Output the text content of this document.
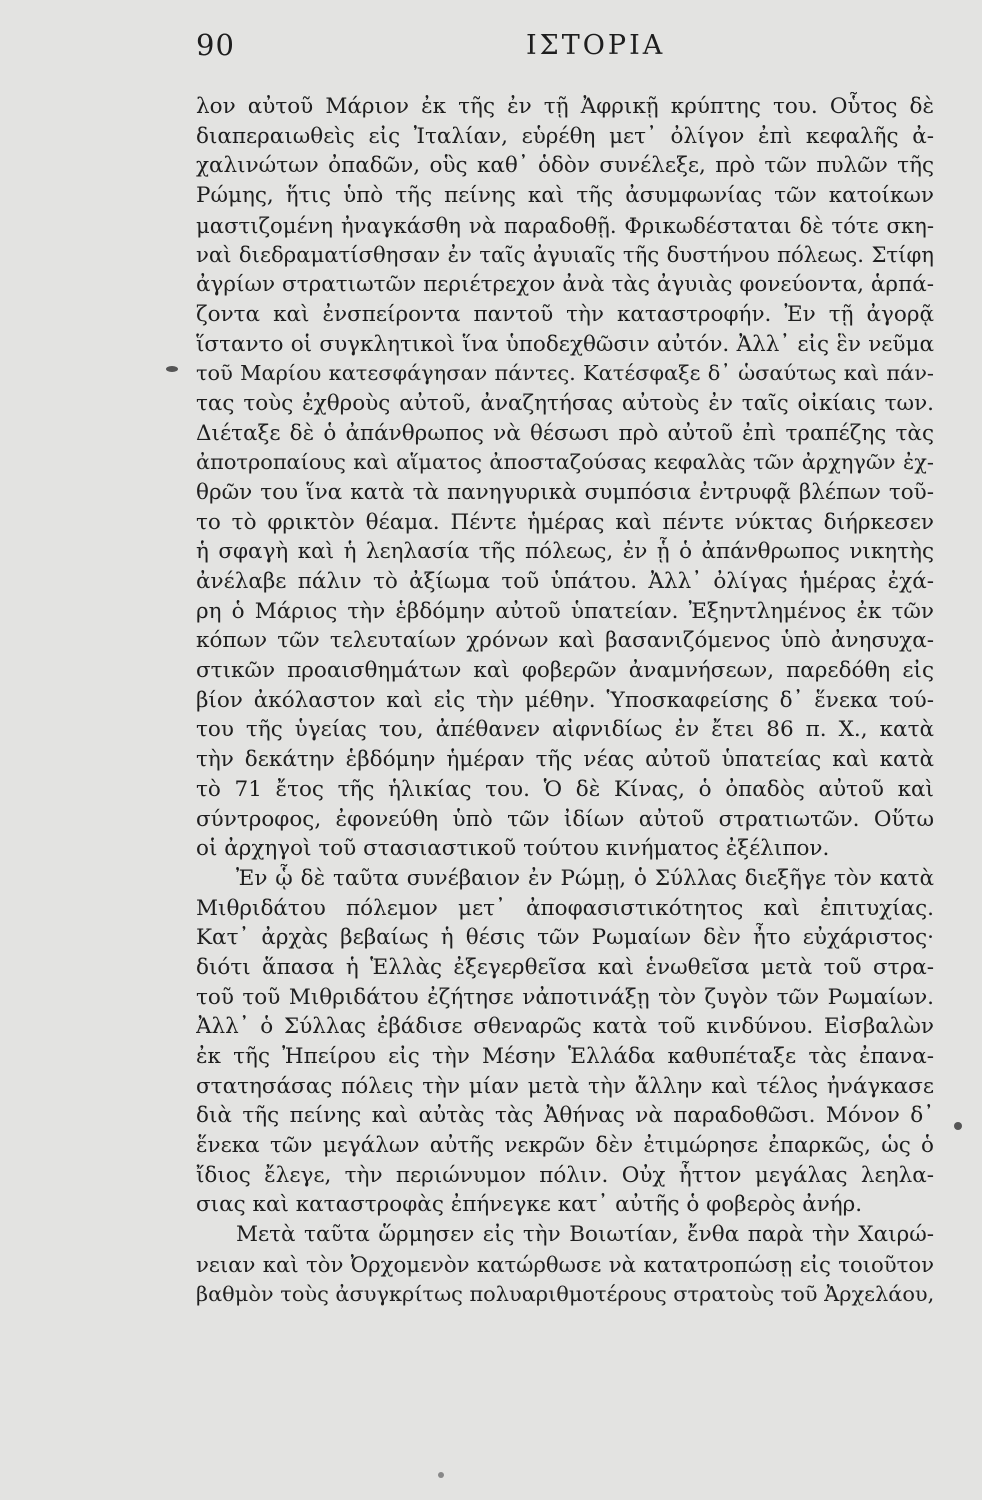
90	ΙΣΤΟΡΙΑ
λον αὐτοῦ Μάριον ἐκ τῆς ἐν τῇ Ἀφρικῇ κρύπτης του. Οὗτος δὲ
διαπεραιωθεὶς εἰς Ἰταλίαν, εὑρέθη μετ᾽ ὀλίγον ἐπὶ κεφαλῆς ἀ-
χαλινώτων ὀπαδῶν, οὓς καθ᾽ ὁδὸν συνέλεξε, πρὸ τῶν πυλῶν τῆς
Ρώμης, ἥτις ὑπὸ τῆς πείνης καὶ τῆς ἀσυμφωνίας τῶν κατοίκων
μαστιζομένη ἠναγκάσθη νὰ παραδοθῇ. Φρικωδέσταται δὲ τότε σκη-
ναὶ διεδραματίσθησαν ἐν ταῖς ἀγυιαῖς τῆς δυστήνου πόλεως. Στίφη
ἀγρίων στρατιωτῶν περιέτρεχον ἀνὰ τὰς ἀγυιὰς φονεύοντα, ἁρπά-
ζοντα καὶ ἐνσπείροντα παντοῦ τὴν καταστροφήν. Ἐν τῇ ἀγορᾷ
ἵσταντο οἱ συγκλητικοὶ ἵνα ὑποδεχθῶσιν αὐτόν. Ἀλλ᾽ εἰς ἓν νεῦμα
τοῦ Μαρίου κατεσφάγησαν πάντες. Κατέσφαξε δ᾽ ὡσαύτως καὶ πάν-
τας τοὺς ἐχθροὺς αὐτοῦ, ἀναζητήσας αὐτοὺς ἐν ταῖς οἰκίαις των.
Διέταξε δὲ ὁ ἀπάνθρωπος νὰ θέσωσι πρὸ αὐτοῦ ἐπὶ τραπέζης τὰς
ἀποτροπαίους καὶ αἵματος ἀποσταζούσας κεφαλὰς τῶν ἀρχηγῶν ἐχ-
θρῶν του ἵνα κατὰ τὰ πανηγυρικὰ συμπόσια ἐντρυφᾷ βλέπων τοῦ-
το τὸ φρικτὸν θέαμα. Πέντε ἡμέρας καὶ πέντε νύκτας διήρκεσεν
ἡ σφαγὴ καὶ ἡ λεηλασία τῆς πόλεως, ἐν ᾗ ὁ ἀπάνθρωπος νικητὴς
ἀνέλαβε πάλιν τὸ ἀξίωμα τοῦ ὑπάτου. Ἀλλ᾽ ὀλίγας ἡμέρας ἐχά-
ρη ὁ Μάριος τὴν ἑβδόμην αὐτοῦ ὑπατείαν. Ἐξηντλημένος ἐκ τῶν
κόπων τῶν τελευταίων χρόνων καὶ βασανιζόμενος ὑπὸ ἀνησυχα-
στικῶν προαισθημάτων καὶ φοβερῶν ἀναμνήσεων, παρεδόθη εἰς
βίον ἀκόλαστον καὶ εἰς τὴν μέθην. Ὑποσκαφείσης δ᾽ ἕνεκα τού-
του τῆς ὑγείας του, ἀπέθανεν αἰφνιδίως ἐν ἔτει 86 π. Χ., κατὰ
τὴν δεκάτην ἑβδόμην ἡμέραν τῆς νέας αὐτοῦ ὑπατείας καὶ κατὰ
τὸ 71 ἔτος τῆς ἡλικίας του. Ὁ δὲ Κίνας, ὁ ὀπαδὸς αὐτοῦ καὶ
σύντροφος, ἐφονεύθη ὑπὸ τῶν ἰδίων αὐτοῦ στρατιωτῶν. Οὕτω
οἱ ἀρχηγοὶ τοῦ στασιαστικοῦ τούτου κινήματος ἐξέλιπον.
Ἐν ᾧ δὲ ταῦτα συνέβαιον ἐν Ρώμῃ, ὁ Σύλλας διεξῆγε τὸν κατὰ
Μιθριδάτου πόλεμον μετ᾽ ἀποφασιστικότητος καὶ ἐπιτυχίας.
Κατ᾽ ἀρχὰς βεβαίως ἡ θέσις τῶν Ρωμαίων δὲν ἦτο εὐχάριστος·
διότι ἅπασα ἡ Ἑλλὰς ἐξεγερθεῖσα καὶ ἑνωθεῖσα μετὰ τοῦ στρα-
τοῦ τοῦ Μιθριδάτου ἐζήτησε νἀποτινάξῃ τὸν ζυγὸν τῶν Ρωμαίων.
Ἀλλ᾽ ὁ Σύλλας ἐβάδισε σθεναρῶς κατὰ τοῦ κινδύνου. Εἰσβαλὼν
ἐκ τῆς Ἠπείρου εἰς τὴν Μέσην Ἑλλάδα καθυπέταξε τὰς ἐπανα-
στατησάσας πόλεις τὴν μίαν μετὰ τὴν ἄλλην καὶ τέλος ἠνάγκασε
διὰ τῆς πείνης καὶ αὐτὰς τὰς Ἀθήνας νὰ παραδοθῶσι. Μόνον δ᾽
ἕνεκα τῶν μεγάλων αὐτῆς νεκρῶν δὲν ἐτιμώρησε ἐπαρκῶς, ὡς ὁ
ἴδιος ἔλεγε, τὴν περιώνυμον πόλιν. Οὐχ ἧττον μεγάλας λεηλα-
σιας καὶ καταστροφὰς ἐπήνεγκε κατ᾽ αὐτῆς ὁ φοβερὸς ἀνήρ.
Μετὰ ταῦτα ὥρμησεν εἰς τὴν Βοιωτίαν, ἔνθα παρὰ τὴν Χαιρώ-
νειαν καὶ τὸν Ὀρχομενὸν κατώρθωσε νὰ κατατροπώσῃ εἰς τοιοῦτον
βαθμὸν τοὺς ἀσυγκρίτως πολυαριθμοτέρους στρατοὺς τοῦ Ἀρχελάου,
